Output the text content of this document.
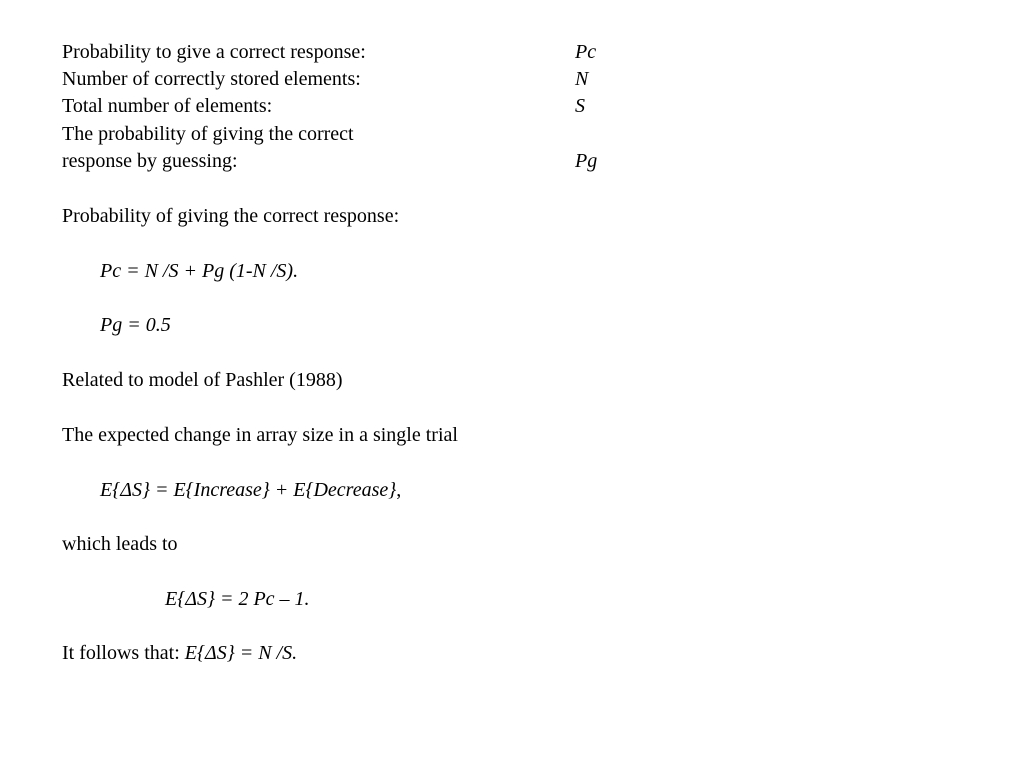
Probability to give a correct response:	Pc
Number of correctly stored elements:	N
Total number of elements:	S
The probability of giving the correct
response by guessing:	Pg
Probability of giving the correct response:
Pc = N /S + Pg (1-N /S).
Pg = 0.5
Related to model of Pashler (1988)
The expected change in array size in a single trial
E{ΔS} = E{Increase} + E{Decrease},
which leads to
E{ΔS} = 2 Pc – 1.
It follows that: E{ΔS} = N /S.
